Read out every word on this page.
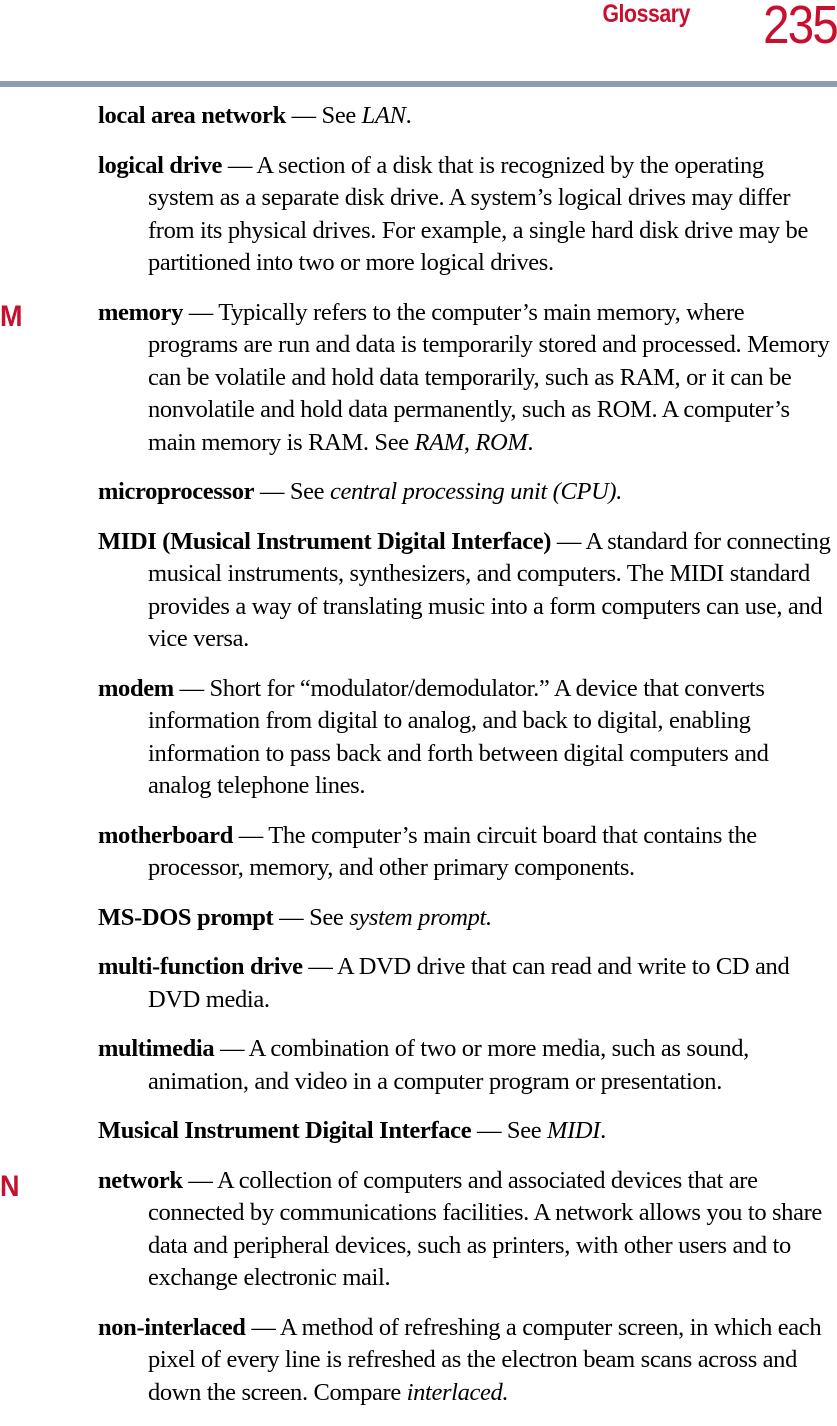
Glossary 235
M
N

local area network — See LAN.

logical drive — A section of a disk that is recognized by the operating system as a separate disk drive. A system’s logical drives may differ from its physical drives. For example, a single hard disk drive may be partitioned into two or more logical drives.

memory — Typically refers to the computer’s main memory, where programs are run and data is temporarily stored and processed. Memory can be volatile and hold data temporarily, such as RAM, or it can be nonvolatile and hold data permanently, such as ROM. A computer’s main memory is RAM. See RAM, ROM.

microprocessor — See central processing unit (CPU).

MIDI (Musical Instrument Digital Interface) — A standard for connecting musical instruments, synthesizers, and computers. The MIDI standard provides a way of translating music into a form computers can use, and vice versa.

modem — Short for “modulator/demodulator.” A device that converts information from digital to analog, and back to digital, enabling information to pass back and forth between digital computers and analog telephone lines.

motherboard — The computer’s main circuit board that contains the processor, memory, and other primary components.

MS-DOS prompt — See system prompt.

multi-function drive — A DVD drive that can read and write to CD and DVD media.

multimedia — A combination of two or more media, such as sound, animation, and video in a computer program or presentation.

Musical Instrument Digital Interface — See MIDI.

network — A collection of computers and associated devices that are connected by communications facilities. A network allows you to share data and peripheral devices, such as printers, with other users and to exchange electronic mail.

non-interlaced — A method of refreshing a computer screen, in which each pixel of every line is refreshed as the electron beam scans across and down the screen. Compare interlaced.
